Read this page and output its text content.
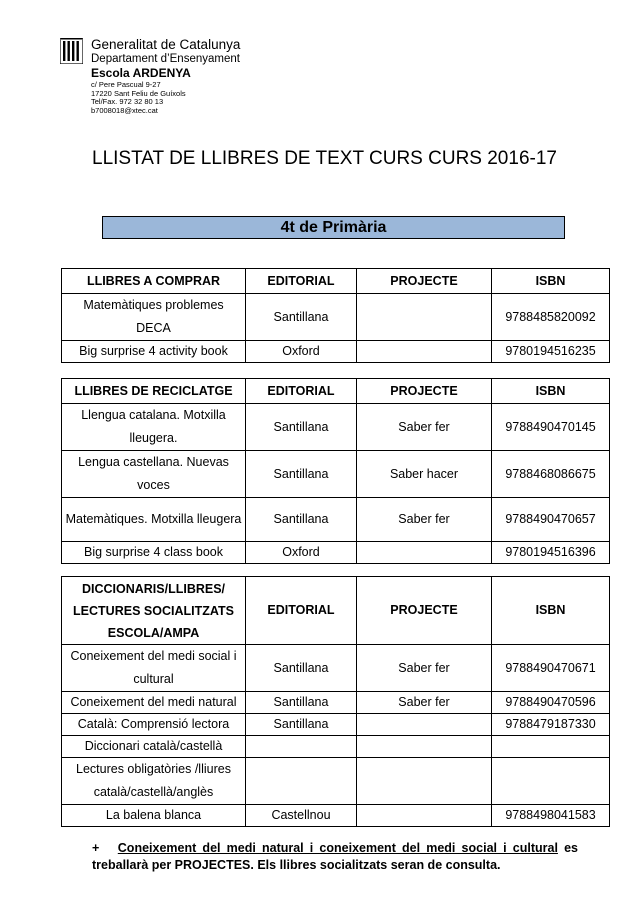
Generalitat de Catalunya
Departament d’Ensenyament
Escola ARDENYA
c/ Pere Pascual 9-27
17220 Sant Feliu de Guíxols
Tel/Fax. 972 32 80 13
b7008018@xtec.cat
LLISTAT DE LLIBRES DE TEXT CURS CURS 2016-17
4t de Primària
LLIBRES A COMPRAR	EDITORIAL	PROJECTE	ISBN
Matemàtiques problemes DECA	Santillana		9788485820092
Big surprise 4 activity book	Oxford		9780194516235
LLIBRES DE RECICLATGE	EDITORIAL	PROJECTE	ISBN
Llengua catalana. Motxilla lleugera.	Santillana	Saber fer	9788490470145
Lengua castellana. Nuevas voces	Santillana	Saber hacer	9788468086675
Matemàtiques. Motxilla lleugera	Santillana	Saber fer	9788490470657
Big surprise 4 class book	Oxford		9780194516396
DICCIONARIS/LLIBRES/ LECTURES SOCIALITZATS ESCOLA/AMPA	EDITORIAL	PROJECTE	ISBN
Coneixement del medi social i cultural	Santillana	Saber fer	9788490470671
Coneixement del medi natural	Santillana	Saber fer	9788490470596
Català: Comprensió lectora	Santillana		9788479187330
Diccionari català/castellà			
Lectures obligatòries /lliures català/castellà/anglès			
La balena blanca	Castellnou		9788498041583
+ Coneixement del medi natural i coneixement del medi social i cultural es treballarà per PROJECTES. Els llibres socialitzats seran de consulta.
